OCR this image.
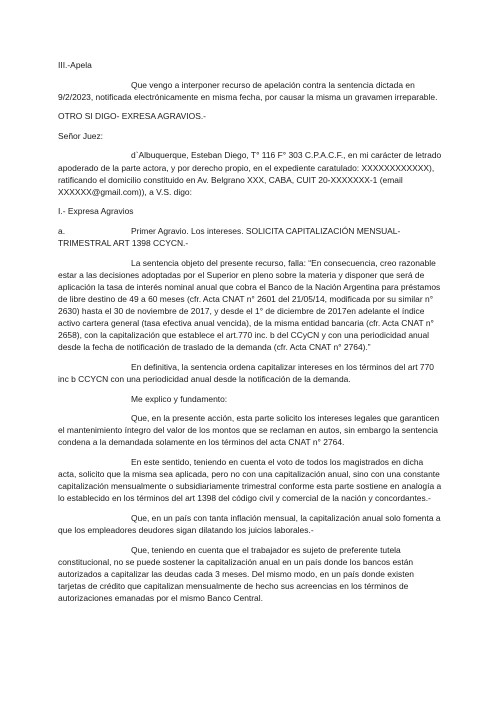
III.-Apela
Que vengo a interponer recurso de apelación contra la sentencia dictada en 9/2/2023, notificada electrónicamente en misma fecha, por causar la misma un gravamen irreparable.
OTRO SI DIGO- EXRESA AGRAVIOS.-
Señor Juez:
d`Albuquerque, Esteban Diego, T° 116 F° 303 C.P.A.C.F., en mi carácter de letrado apoderado de la parte actora, y por derecho propio, en el expediente caratulado: XXXXXXXXXXXX), ratificando el domicilio constituido en Av. Belgrano XXX, CABA, CUIT 20-XXXXXXX-1 (email XXXXXX@gmail.com)), a V.S. digo:
I.- Expresa Agravios
a.	Primer Agravio. Los intereses. SOLICITA CAPITALIZACIÓN MENSUAL-
TRIMESTRAL ART 1398 CCYCN.-
La sentencia objeto del presente recurso, falla: “En consecuencia, creo razonable estar a las decisiones adoptadas por el Superior en pleno sobre la materia y disponer que será de aplicación la tasa de interés nominal anual que cobra el Banco de la Nación Argentina para préstamos de libre destino de 49 a 60 meses (cfr. Acta CNAT n° 2601 del 21/05/14, modificada por su similar n° 2630) hasta el 30 de noviembre de 2017, y desde el 1° de diciembre de 2017en adelante el índice activo cartera general (tasa efectiva anual vencida), de la misma entidad bancaria (cfr. Acta CNAT n° 2658), con la capitalización que establece el art.770 inc. b del CCyCN y con una periodicidad anual desde la fecha de notificación de traslado de la demanda (cfr. Acta CNAT n° 2764).”
En definitiva, la sentencia ordena capitalizar intereses en los términos del art 770 inc b CCYCN con una periodicidad anual desde la notificación de la demanda.
Me explico y fundamento:
Que, en la presente acción, esta parte solicito los intereses legales que garanticen el mantenimiento íntegro del valor de los montos que se reclaman en autos, sin embargo la sentencia condena a la demandada solamente en los términos del acta CNAT n° 2764.
En este sentido, teniendo en cuenta el voto de todos los magistrados en dicha acta, solicito que la misma sea aplicada, pero no con una capitalización anual, sino con una constante capitalización mensualmente o subsidiariamente trimestral conforme esta parte sostiene en analogía a lo establecido en los términos del art 1398 del código civil y comercial de la nación y concordantes.-
Que, en un país con tanta inflación mensual, la capitalización anual solo fomenta a que los empleadores deudores sigan dilatando los juicios laborales.-
Que, teniendo en cuenta que el trabajador es sujeto de preferente tutela constitucional, no se puede sostener la capitalización anual en un país donde los bancos están autorizados a capitalizar las deudas cada 3 meses. Del mismo modo, en un país donde existen tarjetas de crédito que capitalizan mensualmente de hecho sus acreencias en los términos de autorizaciones emanadas por el mismo Banco Central.
